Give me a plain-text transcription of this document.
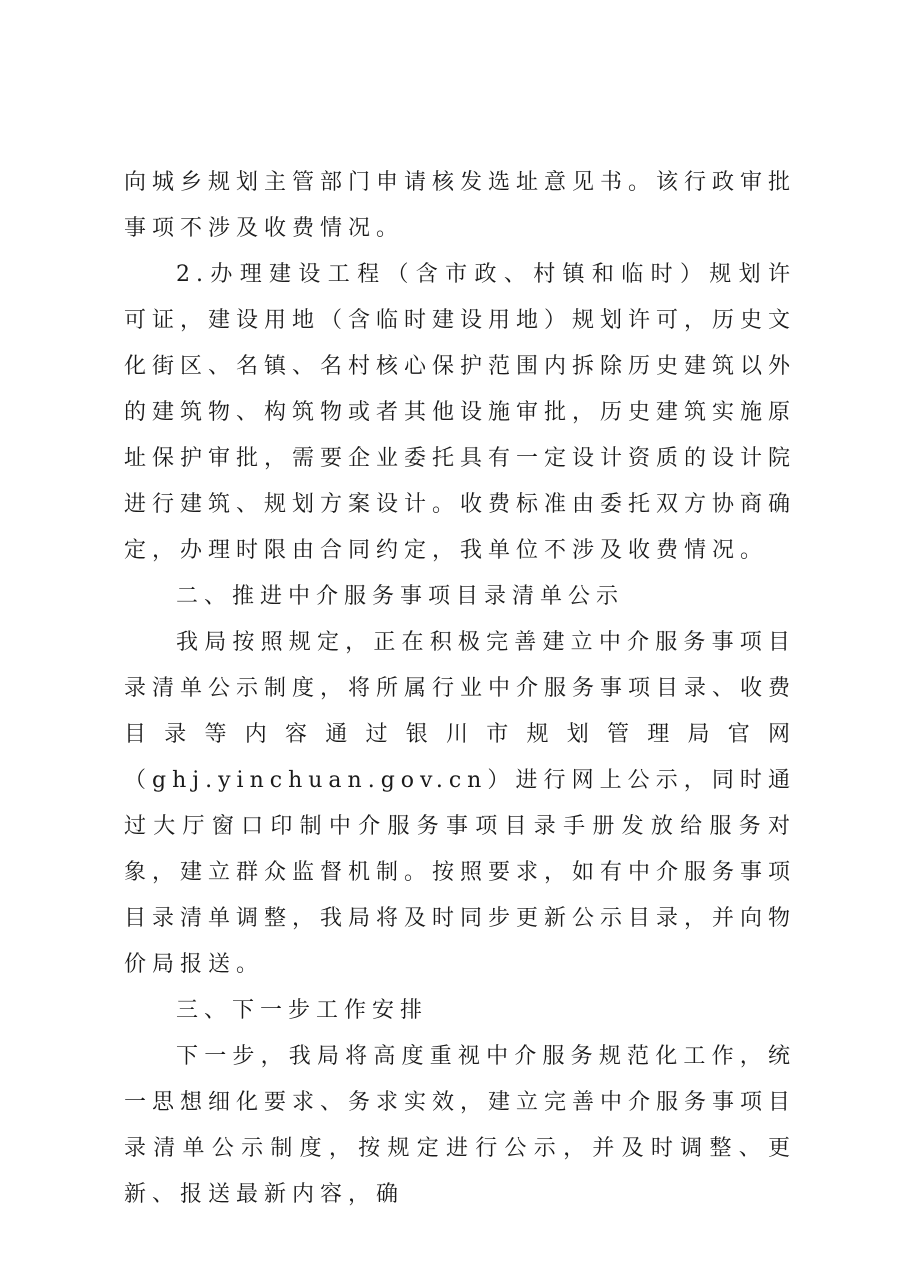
向城乡规划主管部门申请核发选址意见书。该行政审批事项不涉及收费情况。

2.办理建设工程（含市政、村镇和临时）规划许可证，建设用地（含临时建设用地）规划许可，历史文化街区、名镇、名村核心保护范围内拆除历史建筑以外的建筑物、构筑物或者其他设施审批，历史建筑实施原址保护审批，需要企业委托具有一定设计资质的设计院进行建筑、规划方案设计。收费标准由委托双方协商确定，办理时限由合同约定，我单位不涉及收费情况。

二、推进中介服务事项目录清单公示

我局按照规定，正在积极完善建立中介服务事项目录清单公示制度，将所属行业中介服务事项目录、收费目录等内容通过银川市规划管理局官网（ghj.yinchuan.gov.cn）进行网上公示，同时通过大厅窗口印制中介服务事项目录手册发放给服务对象，建立群众监督机制。按照要求，如有中介服务事项目录清单调整，我局将及时同步更新公示目录，并向物价局报送。

三、下一步工作安排

下一步，我局将高度重视中介服务规范化工作，统一思想细化要求、务求实效，建立完善中介服务事项目录清单公示制度，按规定进行公示，并及时调整、更新、报送最新内容，确
